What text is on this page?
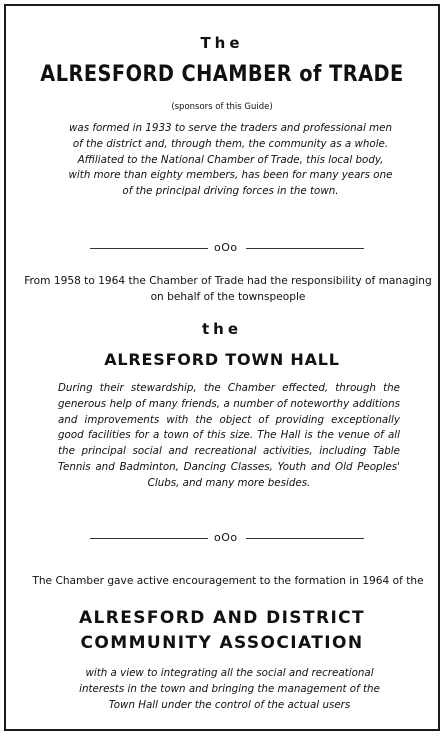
The
ALRESFORD CHAMBER of TRADE
(sponsors of this Guide)

was formed in 1933 to serve the traders and professional men of the district and, through them, the community as a whole. Affiliated to the National Chamber of Trade, this local body, with more than eighty members, has been for many years one of the principal driving forces in the town.

oOo

From 1958 to 1964 the Chamber of Trade had the responsibility of managing on behalf of the townspeople

the
ALRESFORD TOWN HALL

During their stewardship, the Chamber effected, through the generous help of many friends, a number of noteworthy additions and improvements with the object of providing exceptionally good facilities for a town of this size. The Hall is the venue of all the principal social and recreational activities, including Table Tennis and Badminton, Dancing Classes, Youth and Old Peoples' Clubs, and many more besides.

oOo

The Chamber gave active encouragement to the formation in 1964 of the

ALRESFORD AND DISTRICT
COMMUNITY ASSOCIATION

with a view to integrating all the social and recreational interests in the town and bringing the management of the Town Hall under the control of the actual users
